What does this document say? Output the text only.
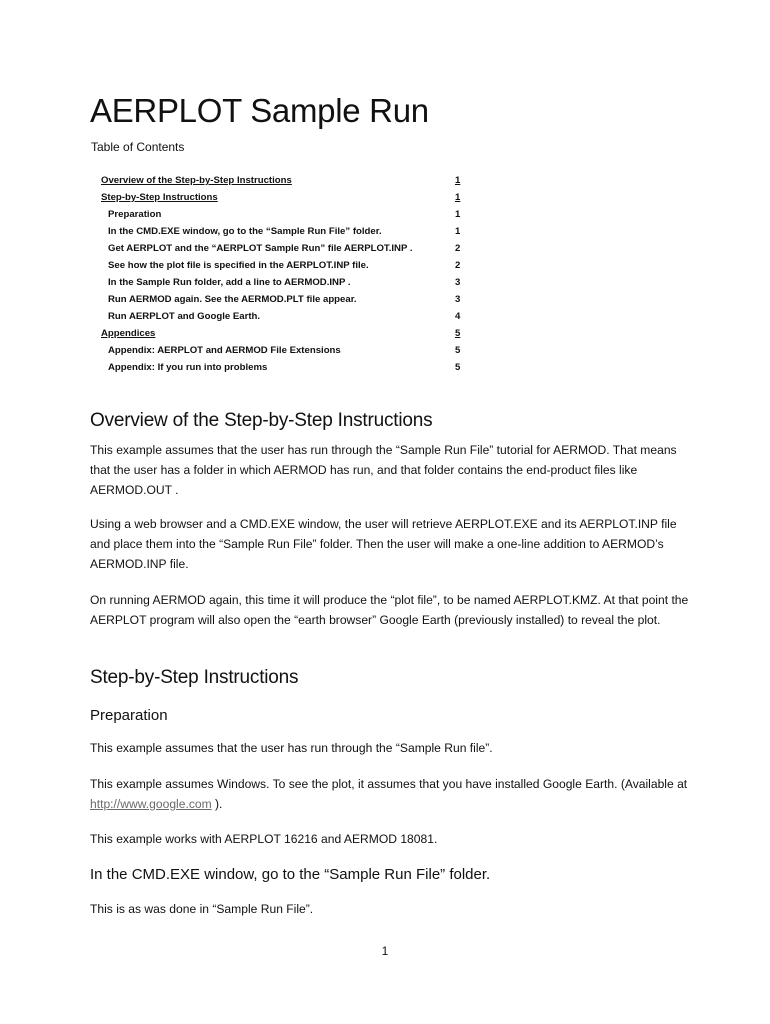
AERPLOT Sample Run
Table of Contents
Overview of the Step-by-Step Instructions	1
Step-by-Step Instructions	1
Preparation	1
In the CMD.EXE window, go to the “Sample Run File” folder.	1
Get AERPLOT and the “AERPLOT Sample Run” file AERPLOT.INP .	2
See how the plot file is specified in the AERPLOT.INP file.	2
In the Sample Run folder, add a line to AERMOD.INP .	3
Run AERMOD again. See the AERMOD.PLT file appear.	3
Run AERPLOT and Google Earth.	4
Appendices	5
Appendix: AERPLOT and AERMOD File Extensions	5
Appendix: If you run into problems	5
Overview of the Step-by-Step Instructions

This example assumes that the user has run through the “Sample Run File” tutorial for AERMOD. That means that the user has a folder in which AERMOD has run, and that folder contains the end-product files like AERMOD.OUT .

Using a web browser and a CMD.EXE window, the user will retrieve AERPLOT.EXE and its AERPLOT.INP file and place them into the “Sample Run File” folder. Then the user will make a one-line addition to AERMOD’s AERMOD.INP file.

On running AERMOD again, this time it will produce the “plot file”, to be named AERPLOT.KMZ. At that point the AERPLOT program will also open the “earth browser” Google Earth (previously installed) to reveal the plot.

Step-by-Step Instructions
Preparation

This example assumes that the user has run through the “Sample Run file”.

This example assumes Windows. To see the plot, it assumes that you have installed Google Earth. (Available at http://www.google.com ).

This example works with AERPLOT 16216 and AERMOD 18081.

In the CMD.EXE window, go to the “Sample Run File” folder.

This is as was done in “Sample Run File”.

1
